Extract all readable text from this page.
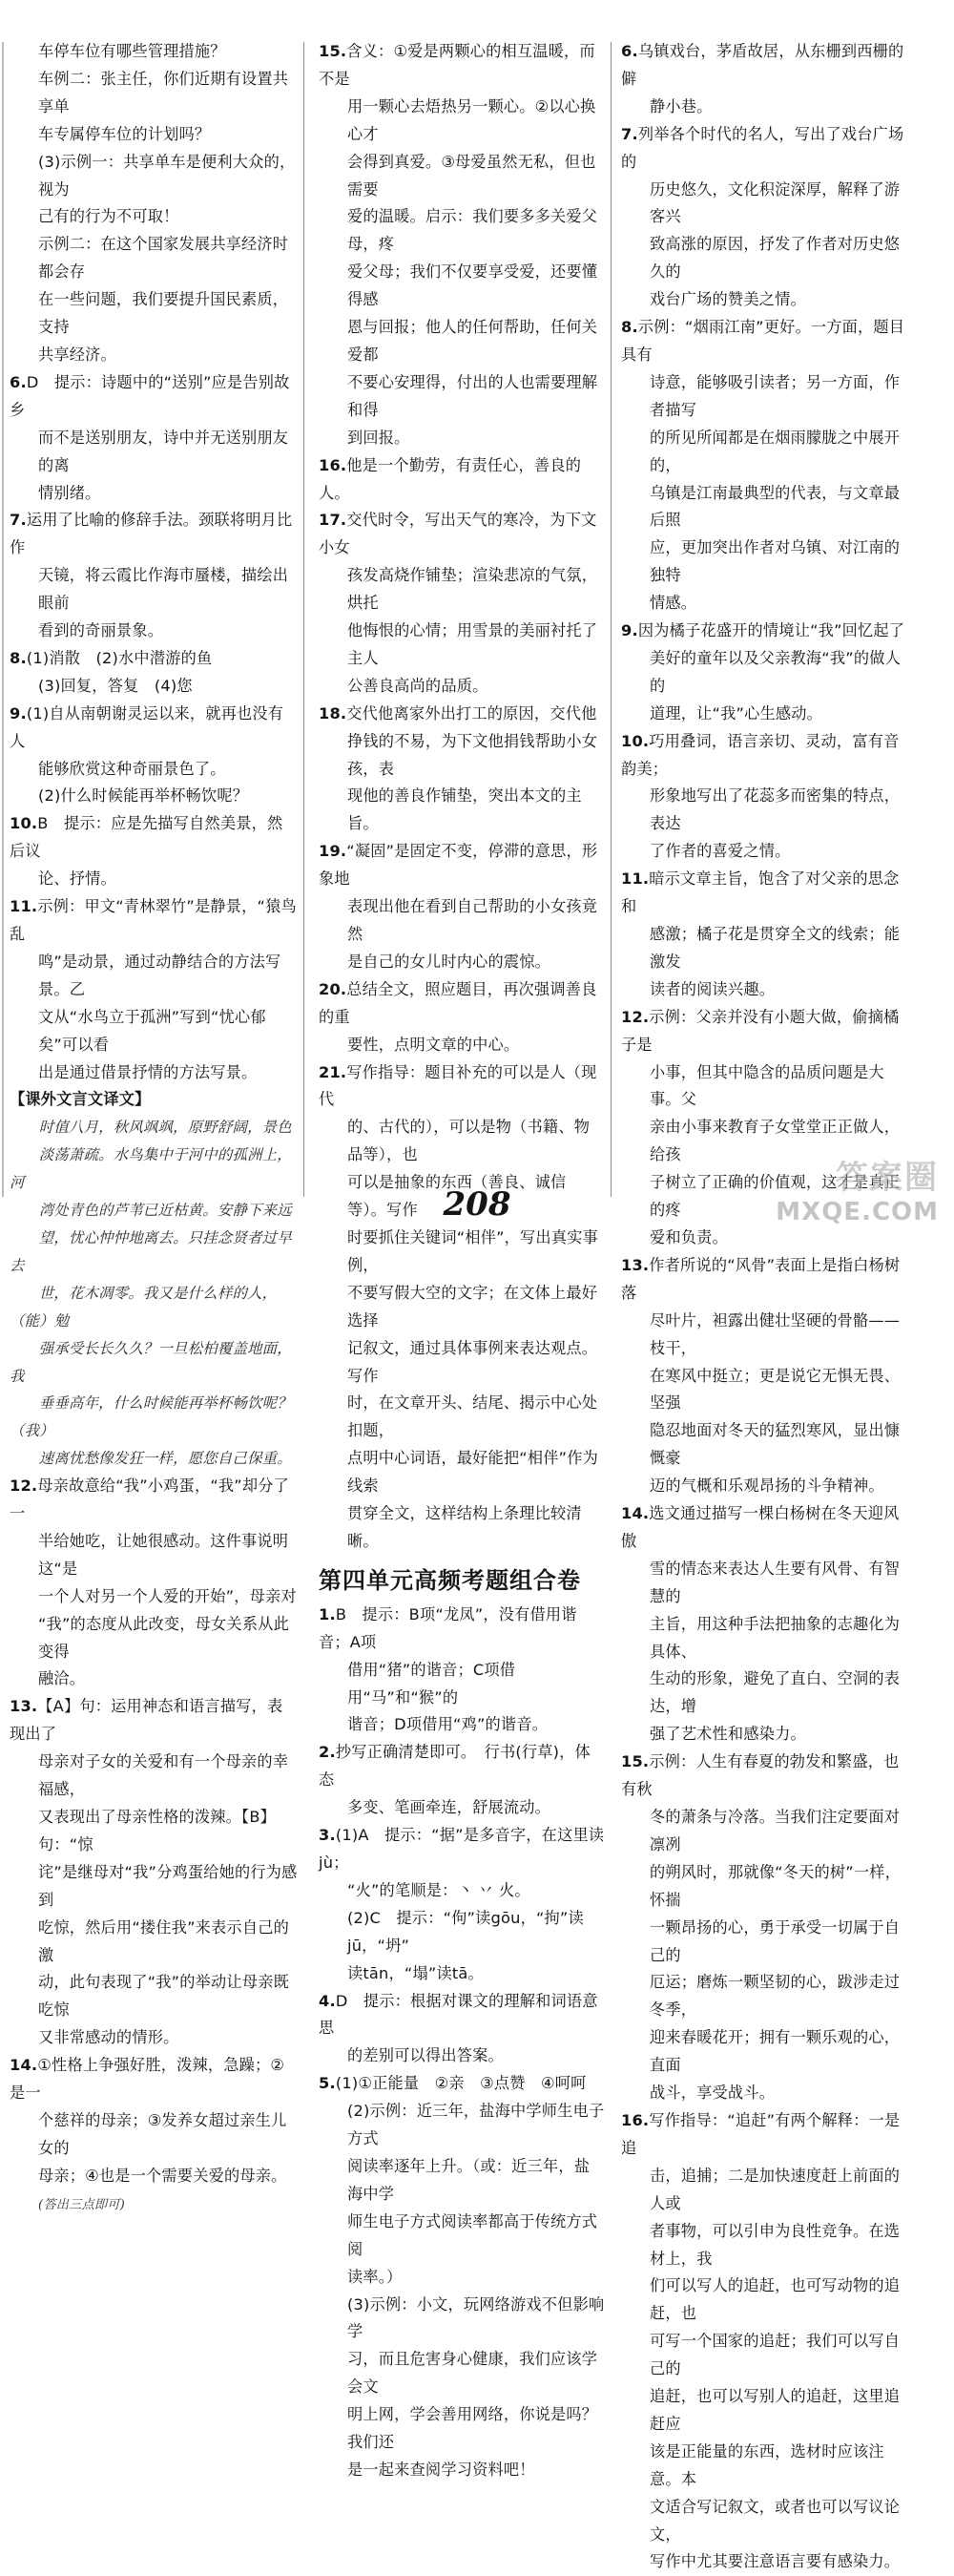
车停车位有哪些管理措施？
车例二：张主任，你们近期有设置共享单
车专属停车位的计划吗？
(3)示例一：共享单车是便利大众的，视为
己有的行为不可取！
示例二：在这个国家发展共享经济时都会存
在一些问题，我们要提升国民素质，支持
共享经济。
6.D　提示：诗题中的“送别”应是告别故乡
而不是送别朋友，诗中并无送别朋友的离
情别绪。
7.运用了比喻的修辞手法。颈联将明月比作
天镜，将云霞比作海市蜃楼，描绘出眼前
看到的奇丽景象。
8.(1)消散　(2)水中潜游的鱼
(3)回复，答复　(4)您
9.(1)自从南朝谢灵运以来，就再也没有人
能够欣赏这种奇丽景色了。
(2)什么时候能再举杯畅饮呢？
10.B　提示：应是先描写自然美景，然后议
论、抒情。
11.示例：甲文“青林翠竹”是静景，“猿鸟乱
鸣”是动景，通过动静结合的方法写景。乙
文从“水鸟立于孤洲”写到“忧心郁矣”可以看
出是通过借景抒情的方法写景。
【课外文言文译文】
时值八月，秋风飒飒，原野舒阔，景色
淡荡萧疏。水鸟集中于河中的孤洲上，河
湾处青色的芦苇已近枯黄。安静下来远
望，忧心忡忡地离去。只挂念贤者过早去
世，花木凋零。我又是什么样的人，（能）勉
强承受长长久久？一旦松柏覆盖地面，我
垂垂高年，什么时候能再举杯畅饮呢？（我）
速离忧愁像发狂一样，愿您自己保重。
12.母亲故意给“我”小鸡蛋，“我”却分了一
半给她吃，让她很感动。这件事说明这“是
一个人对另一个人爱的开始”，母亲对
“我”的态度从此改变，母女关系从此变得
融洽。
13.【A】句：运用神态和语言描写，表现出了
母亲对子女的关爱和有一个母亲的幸福感，
又表现出了母亲性格的泼辣。【B】句：“惊
诧”是继母对“我”分鸡蛋给她的行为感到
吃惊，然后用“搂住我”来表示自己的激
动，此句表现了“我”的举动让母亲既吃惊
又非常感动的情形。
14.①性格上争强好胜，泼辣，急躁；②是一
个慈祥的母亲；③发养女超过亲生儿女的
母亲；④也是一个需要关爱的母亲。
(答出三点即可)
15.含义：①爱是两颗心的相互温暖，而不是
用一颗心去焐热另一颗心。②以心换心才
会得到真爱。③母爱虽然无私，但也需要
爱的温暖。启示：我们要多多关爱父母，疼
爱父母；我们不仅要享受爱，还要懂得感
恩与回报；他人的任何帮助，任何关爱都
不要心安理得，付出的人也需要理解和得
到回报。
16.他是一个勤劳，有责任心，善良的人。
17.交代时令，写出天气的寒冷，为下文小女
孩发高烧作铺垫；渲染悲凉的气氛，烘托
他悔恨的心情；用雪景的美丽衬托了主人
公善良高尚的品质。
18.交代他离家外出打工的原因，交代他
挣钱的不易，为下文他捐钱帮助小女孩，表
现他的善良作铺垫，突出本文的主旨。
19.“凝固”是固定不变，停滞的意思，形象地
表现出他在看到自己帮助的小女孩竟然
是自己的女儿时内心的震惊。
20.总结全文，照应题目，再次强调善良的重
要性，点明文章的中心。
21.写作指导：题目补充的可以是人（现代
的、古代的），可以是物（书籍、物品等），也
可以是抽象的东西（善良、诚信等）。写作
时要抓住关键词“相伴”，写出真实事例，
不要写假大空的文字；在文体上最好选择
记叙文，通过具体事例来表达观点。写作
时，在文章开头、结尾、揭示中心处扣题，
点明中心词语，最好能把“相伴”作为线索
贯穿全文，这样结构上条理比较清晰。
第四单元高频考题组合卷
1.B　提示：B项“龙凤”，没有借用谐音；A项
借用“猪”的谐音；C项借用“马”和“猴”的
谐音；D项借用“鸡”的谐音。
2.抄写正确清楚即可。　行书(行草)，体态
多变、笔画牵连，舒展流动。
3.(1)A　提示：“据”是多音字，在这里读jù；
“火”的笔顺是：丶 丷 火。
(2)C　提示：“佝”读gōu，“拘”读jū，“坍”
读tān，“塌”读tā。
4.D　提示：根据对课文的理解和词语意思
的差别可以得出答案。
5.(1)①正能量　②亲　③点赞　④呵呵
(2)示例：近三年，盐海中学师生电子方式
阅读率逐年上升。（或：近三年，盐海中学
师生电子方式阅读率都高于传统方式阅
读率。）
(3)示例：小文，玩网络游戏不但影响学
习，而且危害身心健康，我们应该学会文
明上网，学会善用网络，你说是吗？我们还
是一起来查阅学习资料吧！
6.乌镇戏台，茅盾故居，从东栅到西栅的僻
静小巷。
7.列举各个时代的名人，写出了戏台广场的
历史悠久，文化积淀深厚，解释了游客兴
致高涨的原因，抒发了作者对历史悠久的
戏台广场的赞美之情。
8.示例：“烟雨江南”更好。一方面，题目具有
诗意，能够吸引读者；另一方面，作者描写
的所见所闻都是在烟雨朦胧之中展开的，
乌镇是江南最典型的代表，与文章最后照
应，更加突出作者对乌镇、对江南的独特
情感。
9.因为橘子花盛开的情境让“我”回忆起了
美好的童年以及父亲教海“我”的做人的
道理，让“我”心生感动。
10.巧用叠词，语言亲切、灵动，富有音韵美；
形象地写出了花蕊多而密集的特点，表达
了作者的喜爱之情。
11.暗示文章主旨，饱含了对父亲的思念和
感激；橘子花是贯穿全文的线索；能激发
读者的阅读兴趣。
12.示例：父亲并没有小题大做，偷摘橘子是
小事，但其中隐含的品质问题是大事。父
亲由小事来教育子女堂堂正正做人，给孩
子树立了正确的价值观，这才是真正的疼
爱和负责。
13.作者所说的“风骨”表面上是指白杨树落
尽叶片，袒露出健壮坚硬的骨骼——枝干，
在寒风中挺立；更是说它无惧无畏、坚强
隐忍地面对冬天的猛烈寒风，显出慷慨豪
迈的气概和乐观昂扬的斗争精神。
14.选文通过描写一棵白杨树在冬天迎风傲
雪的情态来表达人生要有风骨、有智慧的
主旨，用这种手法把抽象的志趣化为具体、
生动的形象，避免了直白、空洞的表达，增
强了艺术性和感染力。
15.示例：人生有春夏的勃发和繁盛，也有秋
冬的萧条与冷落。当我们注定要面对凛冽
的朔风时，那就像“冬天的树”一样，怀揣
一颗昂扬的心，勇于承受一切属于自己的
厄运；磨炼一颗坚韧的心，跋涉走过冬季，
迎来春暖花开；拥有一颗乐观的心，直面
战斗，享受战斗。
16.写作指导：“追赶”有两个解释：一是追
击，追捕；二是加快速度赶上前面的人或
者事物，可以引申为良性竞争。在选材上，我
们可以写人的追赶，也可写动物的追赶，也
可写一个国家的追赶；我们可以写自己的
追赶，也可以写别人的追赶，这里追赶应
该是正能量的东西，选材时应该注意。本
文适合写记叙文，或者也可以写议论文，
写作中尤其要注意语言要有感染力。
208
答案圈
MXQE.COM
